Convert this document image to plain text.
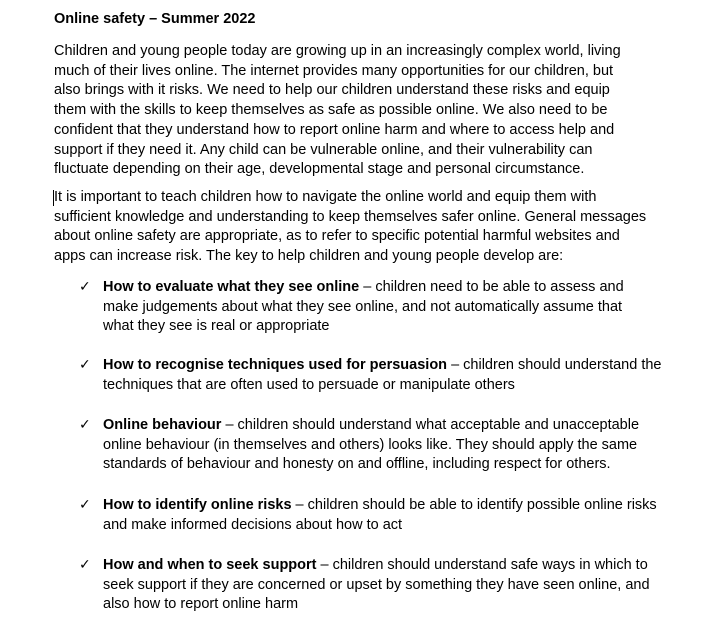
Online safety – Summer 2022
Children and young people today are growing up in an increasingly complex world, living
much of their lives online. The internet provides many opportunities for our children, but
also brings with it risks. We need to help our children understand these risks and equip
them with the skills to keep themselves as safe as possible online. We also need to be
confident that they understand how to report online harm and where to access help and
support if they need it. Any child can be vulnerable online, and their vulnerability can
fluctuate depending on their age, developmental stage and personal circumstance.
It is important to teach children how to navigate the online world and equip them with
sufficient knowledge and understanding to keep themselves safer online. General messages
about online safety are appropriate, as to refer to specific potential harmful websites and
apps can increase risk. The key to help children and young people develop are:
✓ How to evaluate what they see online – children need to be able to assess and
make judgements about what they see online, and not automatically assume that
what they see is real or appropriate
✓ How to recognise techniques used for persuasion – children should understand the
techniques that are often used to persuade or manipulate others
✓ Online behaviour – children should understand what acceptable and unacceptable
online behaviour (in themselves and others) looks like. They should apply the same
standards of behaviour and honesty on and offline, including respect for others.
✓ How to identify online risks – children should be able to identify possible online risks
and make informed decisions about how to act
✓ How and when to seek support – children should understand safe ways in which to
seek support if they are concerned or upset by something they have seen online, and
also how to report online harm
